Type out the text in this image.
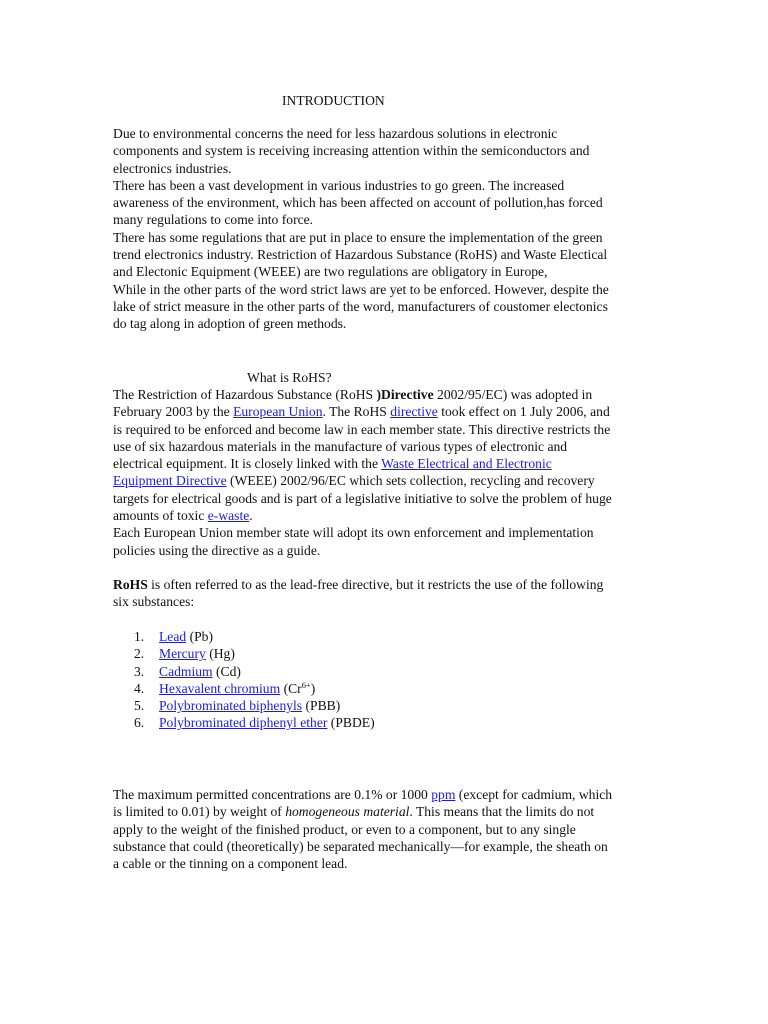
INTRODUCTION
Due to environmental concerns the need for less hazardous solutions in electronic
components and system is receiving increasing attention within the semiconductors and
electronics industries.
There has been a vast development in various industries to go green. The increased
awareness of the environment, which has been affected on account of pollution,has forced
many regulations to come into force.
There has some regulations that are put in place to ensure the implementation of the green
trend electronics industry. Restriction of Hazardous Substance (RoHS) and Waste Electical
and Electonic Equipment (WEEE) are two regulations are obligatory in Europe,
While in the other parts of the word strict laws are yet to be enforced. However, despite the
lake of strict measure in the other parts of the word, manufacturers of coustomer electonics
do tag along in adoption of green methods.
What is RoHS?
The Restriction of Hazardous Substance (RoHS )Directive 2002/95/EC) was adopted in
February 2003 by the European Union. The RoHS directive took effect on 1 July 2006, and
is required to be enforced and become law in each member state. This directive restricts the
use of six hazardous materials in the manufacture of various types of electronic and
electrical equipment. It is closely linked with the Waste Electrical and Electronic
Equipment Directive (WEEE) 2002/96/EC which sets collection, recycling and recovery
targets for electrical goods and is part of a legislative initiative to solve the problem of huge
amounts of toxic e-waste.
Each European Union member state will adopt its own enforcement and implementation
policies using the directive as a guide.
RoHS is often referred to as the lead-free directive, but it restricts the use of the following
six substances:
1. Lead (Pb)
2. Mercury (Hg)
3. Cadmium (Cd)
4. Hexavalent chromium $(Cr^{6+})$
5. Polybrominated biphenyls (PBB)
6. Polybrominated diphenyl ether (PBDE)
The maximum permitted concentrations are 0.1% or 1000 ppm (except for cadmium, which
is limited to 0.01) by weight of homogeneous material. This means that the limits do not
apply to the weight of the finished product, or even to a component, but to any single
substance that could (theoretically) be separated mechanically—for example, the sheath on
a cable or the tinning on a component lead.
